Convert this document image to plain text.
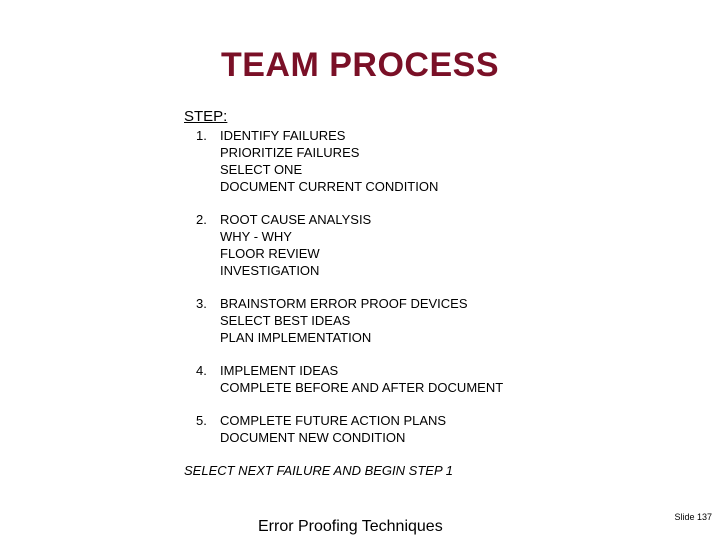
TEAM PROCESS
STEP:
1. IDENTIFY FAILURES
PRIORITIZE FAILURES
SELECT ONE
DOCUMENT CURRENT CONDITION
2. ROOT CAUSE ANALYSIS
WHY - WHY
FLOOR REVIEW
INVESTIGATION
3. BRAINSTORM ERROR PROOF DEVICES
SELECT BEST IDEAS
PLAN IMPLEMENTATION
4. IMPLEMENT IDEAS
COMPLETE BEFORE AND AFTER DOCUMENT
5. COMPLETE FUTURE ACTION PLANS
DOCUMENT NEW CONDITION
SELECT NEXT FAILURE AND BEGIN STEP 1
Error Proofing Techniques
Slide 137
